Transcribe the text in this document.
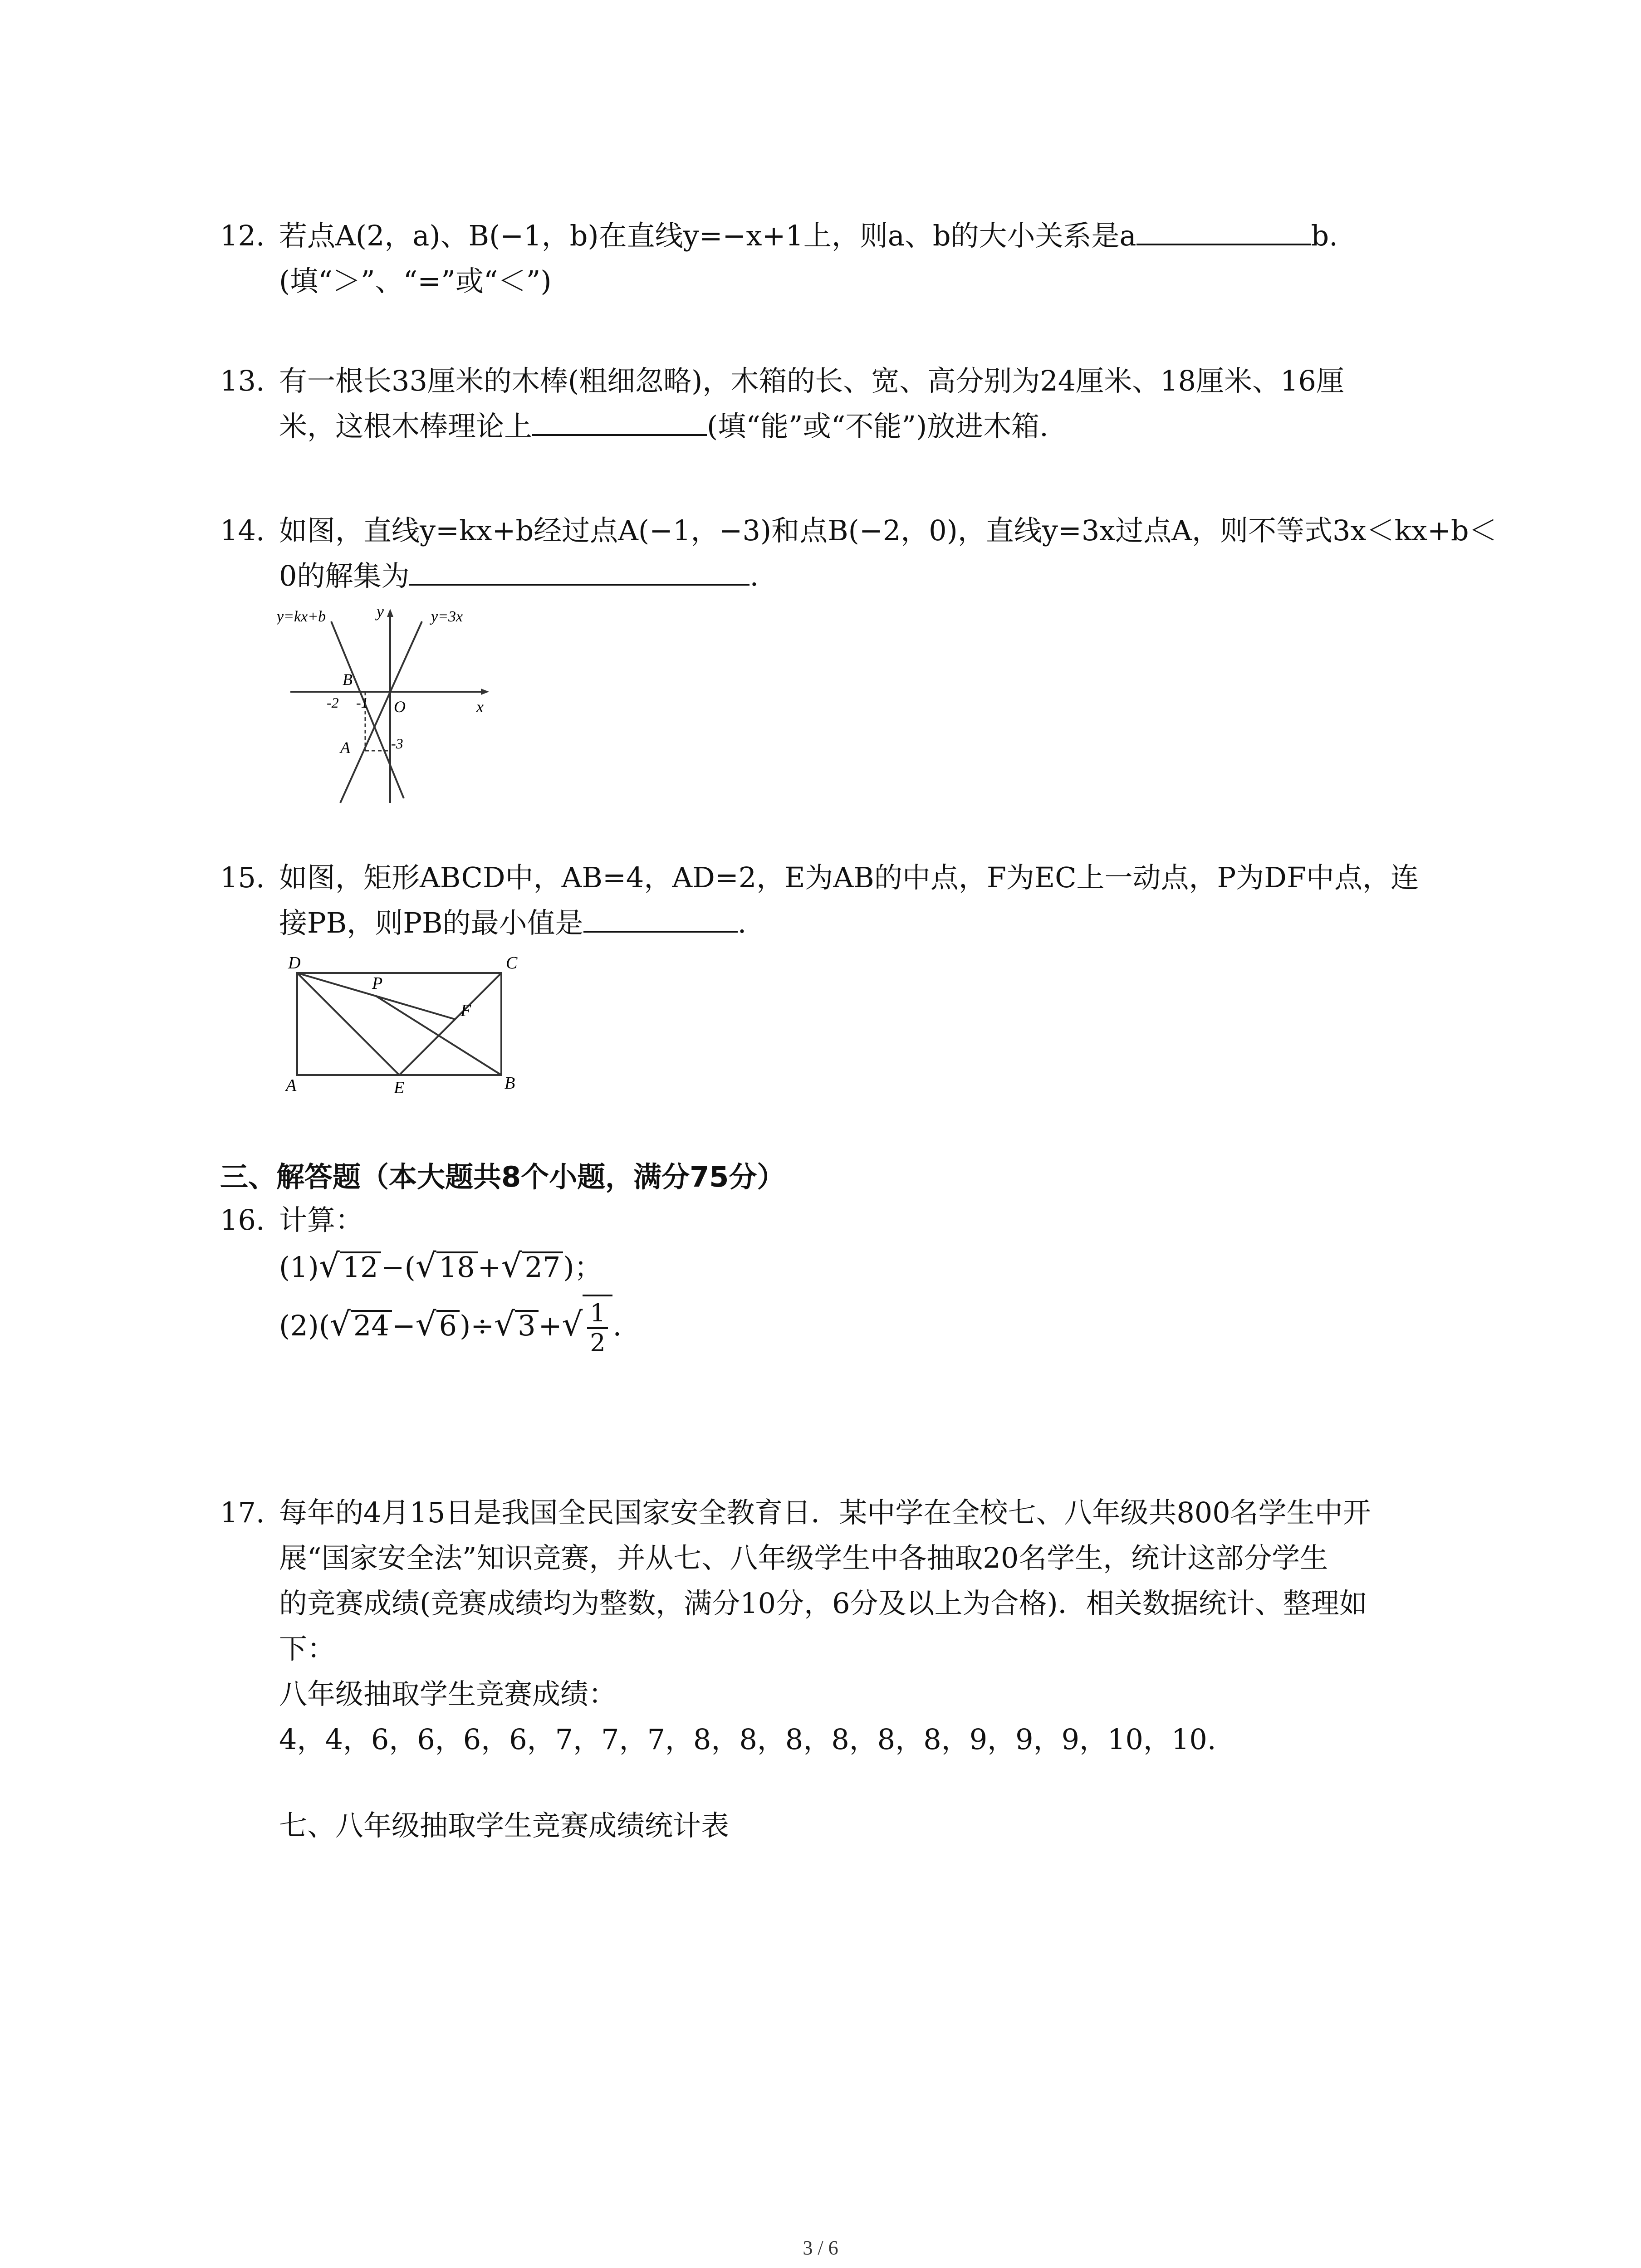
12. 若点A(2，a)、B(−1，b)在直线y=−x+1上，则a、b的大小关系是a	b.
(填“＞”、“=”或“＜”)
13. 有一根长33厘米的木棒(粗细忽略)，木箱的长、宽、高分别为24厘米、18厘米、16厘
米，这根木棒理论上	(填“能”或“不能”)放进木箱.
14. 如图，直线y=kx+b经过点A(−1，−3)和点B(−2，0)，直线y=3x过点A，则不等式3x＜kx+b＜
0的解集为	.
y=kx+b	y=3x
y
x
B
A
O
-2 -1
-3
15. 如图，矩形ABCD中，AB=4，AD=2，E为AB的中点，F为EC上一动点，P为DF中点，连
接PB，则PB的最小值是	.
D	C
P
F
A	E	B
三、解答题（本大题共8个小题，满分75分）
16. 计算：
(1)√12−(√18+√27)；
$(2)(√24-√6)\div√3+√ \frac{1}{2}$ .
17. 每年的4月15日是我国全民国家安全教育日．某中学在全校七、八年级共800名学生中开
展“国家安全法”知识竞赛，并从七、八年级学生中各抽取20名学生，统计这部分学生
的竞赛成绩(竞赛成绩均为整数，满分10分，6分及以上为合格)．相关数据统计、整理如
下：
八年级抽取学生竞赛成绩：
4，4，6，6，6，6，7，7，7，8，8，8，8，8，8，9，9，9，10，10.
七、八年级抽取学生竞赛成绩统计表
3 / 6
